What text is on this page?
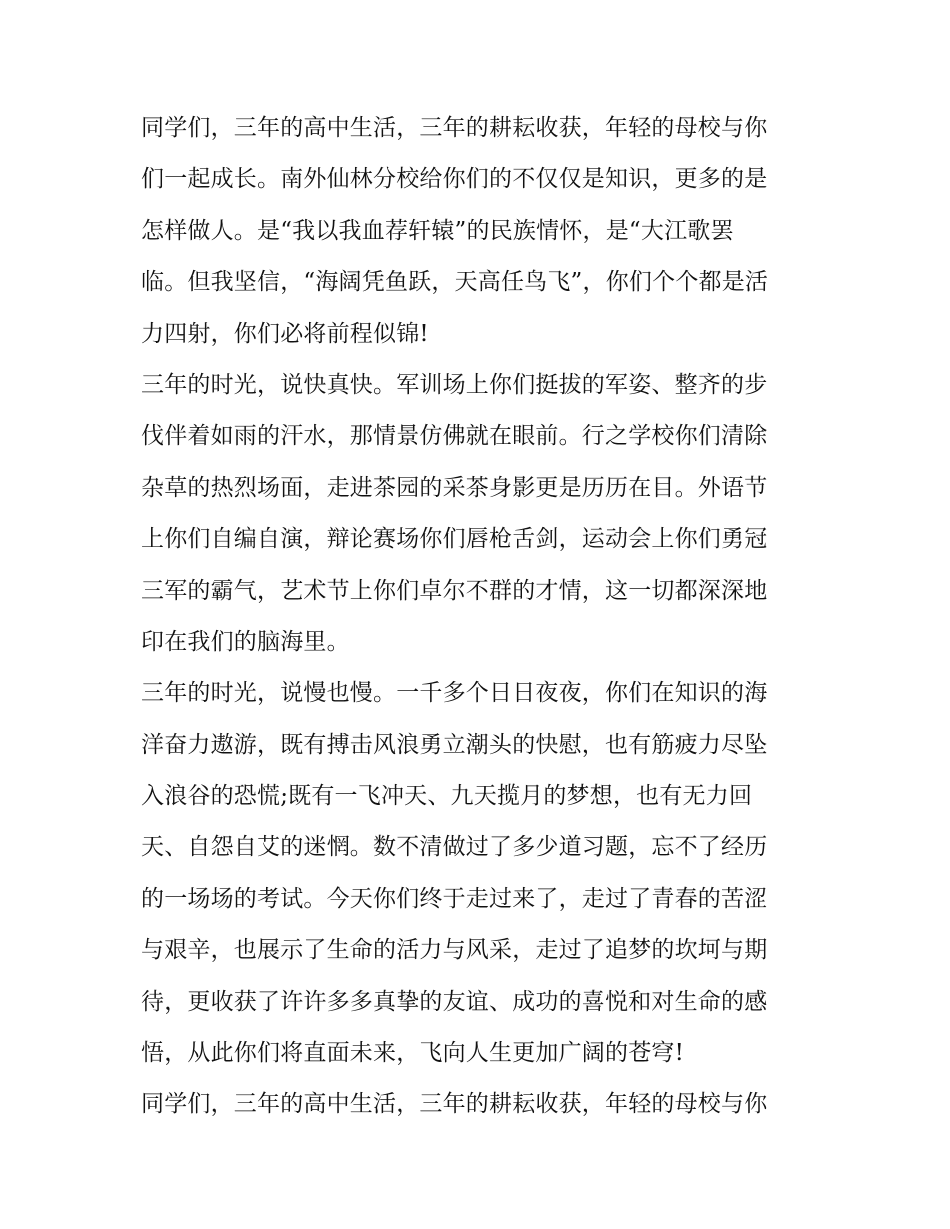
同学们，三年的高中生活，三年的耕耘收获，年轻的母校与你
们一起成长。南外仙林分校给你们的不仅仅是知识，更多的是
怎样做人。是“我以我血荐轩辕”的民族情怀，是“大江歌罢
临。但我坚信，“海阔凭鱼跃，天高任鸟飞”，你们个个都是活
力四射，你们必将前程似锦!
三年的时光，说快真快。军训场上你们挺拔的军姿、整齐的步
伐伴着如雨的汗水，那情景仿佛就在眼前。行之学校你们清除
杂草的热烈场面，走进茶园的采茶身影更是历历在目。外语节
上你们自编自演，辩论赛场你们唇枪舌剑，运动会上你们勇冠
三军的霸气，艺术节上你们卓尔不群的才情，这一切都深深地
印在我们的脑海里。
三年的时光，说慢也慢。一千多个日日夜夜，你们在知识的海
洋奋力遨游，既有搏击风浪勇立潮头的快慰，也有筋疲力尽坠
入浪谷的恐慌;既有一飞冲天、九天揽月的梦想，也有无力回
天、自怨自艾的迷惘。数不清做过了多少道习题，忘不了经历
的一场场的考试。今天你们终于走过来了，走过了青春的苦涩
与艰辛，也展示了生命的活力与风采，走过了追梦的坎坷与期
待，更收获了许许多多真挚的友谊、成功的喜悦和对生命的感
悟，从此你们将直面未来，飞向人生更加广阔的苍穹!
同学们，三年的高中生活，三年的耕耘收获，年轻的母校与你
